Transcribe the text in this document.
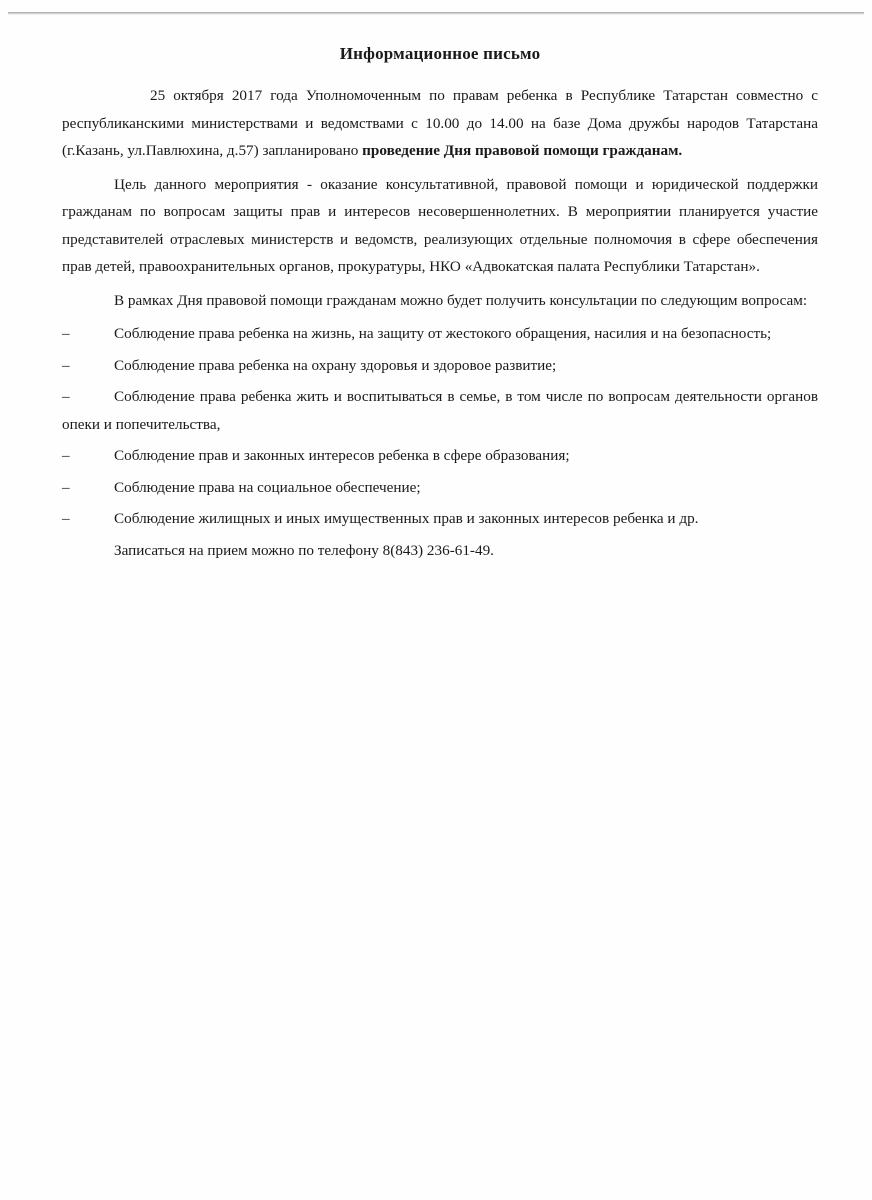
Информационное письмо

25 октября 2017 года Уполномоченным по правам ребенка в Республике Татарстан совместно с республиканскими министерствами и ведомствами с 10.00 до 14.00 на базе Дома дружбы народов Татарстана (г.Казань, ул.Павлюхина, д.57) запланировано проведение Дня правовой помощи гражданам.

Цель данного мероприятия - оказание консультативной, правовой помощи и юридической поддержки гражданам по вопросам защиты прав и интересов несовершеннолетних. В мероприятии планируется участие представителей отраслевых министерств и ведомств, реализующих отдельные полномочия в сфере обеспечения прав детей, правоохранительных органов, прокуратуры, НКО «Адвокатская палата Республики Татарстан».

В рамках Дня правовой помощи гражданам можно будет получить консультации по следующим вопросам:

–	Соблюдение права ребенка на жизнь, на защиту от жестокого обращения, насилия и на безопасность;
–	Соблюдение права ребенка на охрану здоровья и здоровое развитие;
–	Соблюдение права ребенка жить и воспитываться в семье, в том числе по вопросам деятельности органов опеки и попечительства,
–	Соблюдение прав и законных интересов ребенка в сфере образования;
–	Соблюдение права на социальное обеспечение;
–	Соблюдение жилищных и иных имущественных прав и законных интересов ребенка и др.
Записаться на прием можно по телефону 8(843) 236-61-49.
